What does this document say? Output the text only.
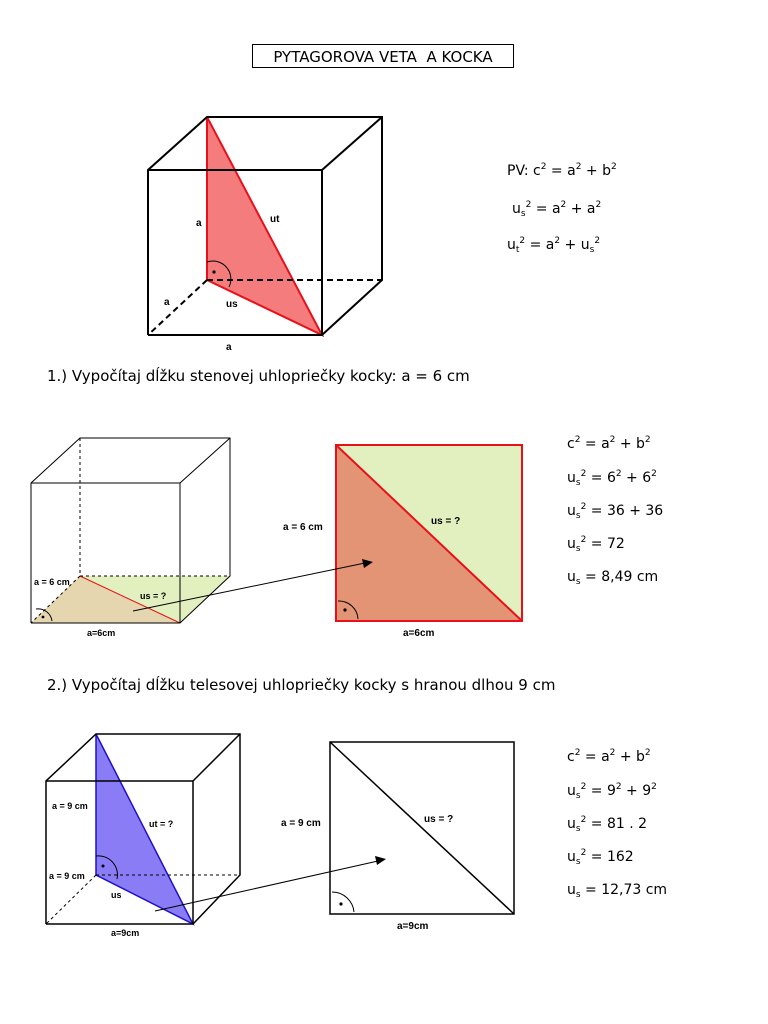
PYTAGOROVA VETA  A KOCKA
a	ut
a	us
a
PV: $c^2 = a^2 + b^2$
$u_s^2 = a^2 + a^2$
$u_t^2 = a^2 + u_s^2$
1.) Vypočítaj dĺžku stenovej uhlopriečky kocky: a = 6 cm
a = 6 cm
us = ?
a=6cm
a = 6 cm
us = ?
a=6cm
$c^2 = a^2 + b^2$
$u_s^2 = 6^2 + 6^2$
$u_s^2 = 36 + 36$
$u_s^2 = 72$
$u_s = 8,49$ cm
2.) Vypočítaj dĺžku telesovej uhlopriečky kocky s hranou dlhou 9 cm
a = 9 cm
ut = ?
a = 9 cm
us
a=9cm
a = 9 cm	us = ?
a=9cm
$c^2 = a^2 + b^2$
$u_s^2 = 9^2 + 9^2$
$u_s^2 = 81$ . 2
$u_s^2 = 162$
$u_s = 12,73$ cm
